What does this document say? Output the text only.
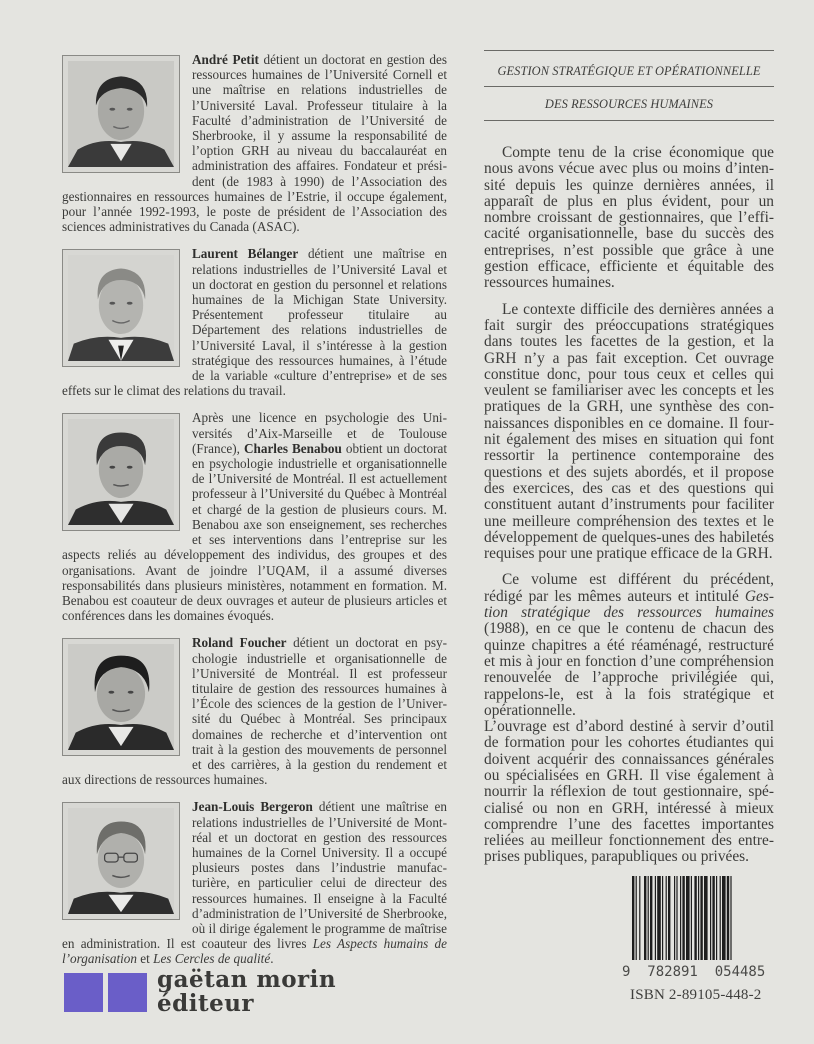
André Petit détient un doctorat en gestion des ressources humaines de l’Université Cornell et une maîtrise en relations industrielles de l’Université Laval. Professeur titulaire à la Faculté d’administration de l’Université de Sherbrooke, il y assume la responsabilité de l’option GRH au niveau du baccalauréat en administration des affaires. Fondateur et président (de 1983 à 1990) de l’Association des gestionnaires en ressources humaines de l’Estrie, il occupe également, pour l’année 1992-1993, le poste de président de l’Association des sciences administratives du Canada (ASAC).
Laurent Bélanger détient une maîtrise en relations industrielles de l’Université Laval et un doctorat en gestion du personnel et relations humaines de la Michigan State University. Présentement professeur titulaire au Département des relations industrielles de l’Université Laval, il s’intéresse à la gestion stratégique des ressources humaines, à l’étude de la variable «culture d’entreprise» et de ses effets sur le climat des relations du travail.
Après une licence en psychologie des Universités d’Aix-Marseille et de Toulouse (France), Charles Benabou obtient un doctorat en psychologie industrielle et organisationnelle de l’Université de Montréal. Il est actuellement professeur à l’Université du Québec à Montréal et chargé de la gestion de plusieurs cours. M. Benabou axe son enseignement, ses recherches et ses interventions dans l’entreprise sur les aspects reliés au développement des individus, des groupes et des organisations. Avant de joindre l’UQAM, il a assumé diverses responsabilités dans plusieurs ministères, notamment en formation. M. Benabou est coauteur de deux ouvrages et auteur de plusieurs articles et conférences dans les domaines évoqués.
Roland Foucher détient un doctorat en psychologie industrielle et organisationnelle de l’Université de Montréal. Il est professeur titulaire de gestion des ressources humaines à l’École des sciences de la gestion de l’Université du Québec à Montréal. Ses principaux domaines de recherche et d’intervention ont trait à la gestion des mouvements de personnel et des carrières, à la gestion du rendement et aux directions de ressources humaines.
Jean-Louis Bergeron détient une maîtrise en relations industrielles de l’Université de Montréal et un doctorat en gestion des ressources humaines de la Cornel University. Il a occupé plusieurs postes dans l’industrie manufacturière, en particulier celui de directeur des ressources humaines. Il enseigne à la Faculté d’administration de l’Université de Sherbrooke, où il dirige également le programme de maîtrise en administration. Il est coauteur des livres Les Aspects humains de l’organisation et Les Cercles de qualité.
GESTION STRATÉGIQUE ET OPÉRATIONNELLE
DES RESSOURCES HUMAINES

Compte tenu de la crise économique que nous avons vécue avec plus ou moins d’intensité depuis les quinze dernières années, il apparaît de plus en plus évident, pour un nombre croissant de gestionnaires, que l’efficacité organisationnelle, base du succès des entreprises, n’est possible que grâce à une gestion efficace, efficiente et équitable des ressources humaines.

Le contexte difficile des dernières années a fait surgir des préoccupations stratégiques dans toutes les facettes de la gestion, et la GRH n’y a pas fait exception. Cet ouvrage constitue donc, pour tous ceux et celles qui veulent se familiariser avec les concepts et les pratiques de la GRH, une synthèse des connaissances disponibles en ce domaine. Il fournit également des mises en situation qui font ressortir la pertinence contemporaine des questions et des sujets abordés, et il propose des exercices, des cas et des questions qui constituent autant d’instruments pour faciliter une meilleure compréhension des textes et le développement de quelques-unes des habiletés requises pour une pratique efficace de la GRH.

Ce volume est différent du précédent, rédigé par les mêmes auteurs et intitulé Gestion stratégique des ressources humaines (1988), en ce que le contenu de chacun des quinze chapitres a été réaménagé, restructuré et mis à jour en fonction d’une compréhension renouvelée de l’approche privilégiée qui, rappelons-le, est à la fois stratégique et opérationnelle.

L’ouvrage est d’abord destiné à servir d’outil de formation pour les cohortes étudiantes qui doivent acquérir des connaissances générales ou spécialisées en GRH. Il vise également à nourrir la réflexion de tout gestionnaire, spécialisé ou non en GRH, intéressé à mieux comprendre l’une des facettes importantes reliées au meilleur fonctionnement des entreprises publiques, parapubliques ou privées.

9  782891  054485
ISBN 2-89105-448-2
gaëtan morin
éditeur
